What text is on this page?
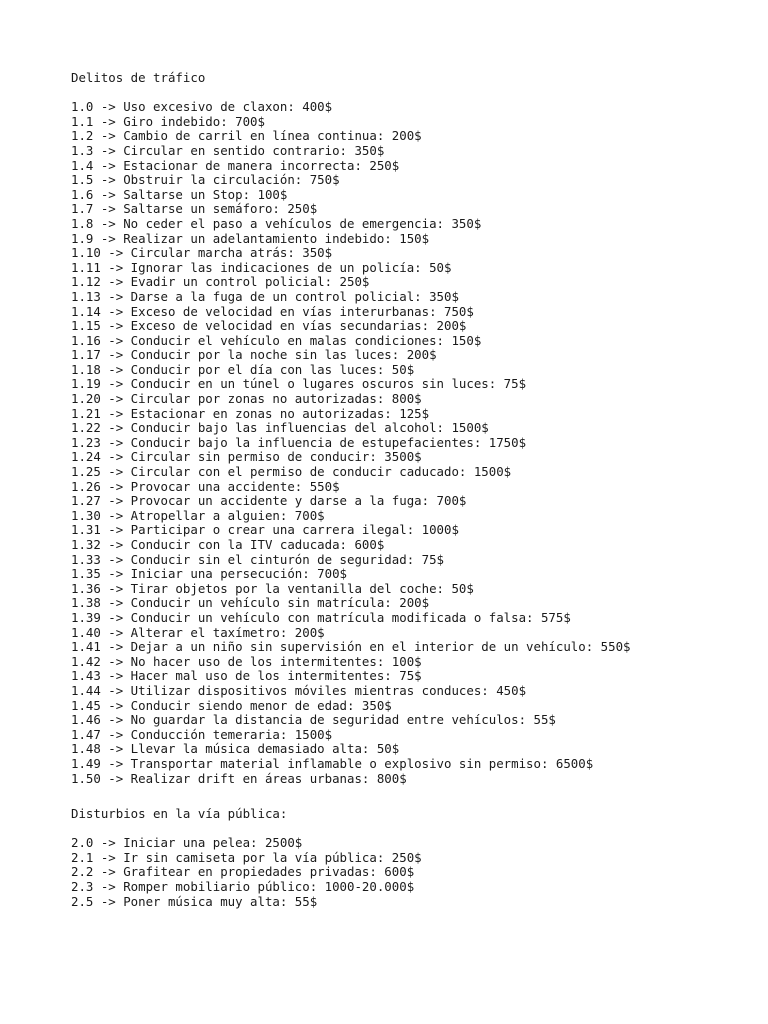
Delitos de tráfico
1.0 -> Uso excesivo de claxon: 400$
1.1 -> Giro indebido: 700$
1.2 -> Cambio de carril en línea continua: 200$
1.3 -> Circular en sentido contrario: 350$
1.4 -> Estacionar de manera incorrecta: 250$
1.5 -> Obstruir la circulación: 750$
1.6 -> Saltarse un Stop: 100$
1.7 -> Saltarse un semáforo: 250$
1.8 -> No ceder el paso a vehículos de emergencia: 350$
1.9 -> Realizar un adelantamiento indebido: 150$
1.10 -> Circular marcha atrás: 350$
1.11 -> Ignorar las indicaciones de un policía: 50$
1.12 -> Evadir un control policial: 250$
1.13 -> Darse a la fuga de un control policial: 350$
1.14 -> Exceso de velocidad en vías interurbanas: 750$
1.15 -> Exceso de velocidad en vías secundarias: 200$
1.16 -> Conducir el vehículo en malas condiciones: 150$
1.17 -> Conducir por la noche sin las luces: 200$
1.18 -> Conducir por el día con las luces: 50$
1.19 -> Conducir en un túnel o lugares oscuros sin luces: 75$
1.20 -> Circular por zonas no autorizadas: 800$
1.21 -> Estacionar en zonas no autorizadas: 125$
1.22 -> Conducir bajo las influencias del alcohol: 1500$
1.23 -> Conducir bajo la influencia de estupefacientes: 1750$
1.24 -> Circular sin permiso de conducir: 3500$
1.25 -> Circular con el permiso de conducir caducado: 1500$
1.26 -> Provocar una accidente: 550$
1.27 -> Provocar un accidente y darse a la fuga: 700$
1.30 -> Atropellar a alguien: 700$
1.31 -> Participar o crear una carrera ilegal: 1000$
1.32 -> Conducir con la ITV caducada: 600$
1.33 -> Conducir sin el cinturón de seguridad: 75$
1.35 -> Iniciar una persecución: 700$
1.36 -> Tirar objetos por la ventanilla del coche: 50$
1.38 -> Conducir un vehículo sin matrícula: 200$
1.39 -> Conducir un vehículo con matrícula modificada o falsa: 575$
1.40 -> Alterar el taxímetro: 200$
1.41 -> Dejar a un niño sin supervisión en el interior de un vehículo: 550$
1.42 -> No hacer uso de los intermitentes: 100$
1.43 -> Hacer mal uso de los intermitentes: 75$
1.44 -> Utilizar dispositivos móviles mientras conduces: 450$
1.45 -> Conducir siendo menor de edad: 350$
1.46 -> No guardar la distancia de seguridad entre vehículos: 55$
1.47 -> Conducción temeraria: 1500$
1.48 -> Llevar la música demasiado alta: 50$
1.49 -> Transportar material inflamable o explosivo sin permiso: 6500$
1.50 -> Realizar drift en áreas urbanas: 800$
Disturbios en la vía pública:
2.0 -> Iniciar una pelea: 2500$
2.1 -> Ir sin camiseta por la vía pública: 250$
2.2 -> Grafitear en propiedades privadas: 600$
2.3 -> Romper mobiliario público: 1000-20.000$
2.5 -> Poner música muy alta: 55$
